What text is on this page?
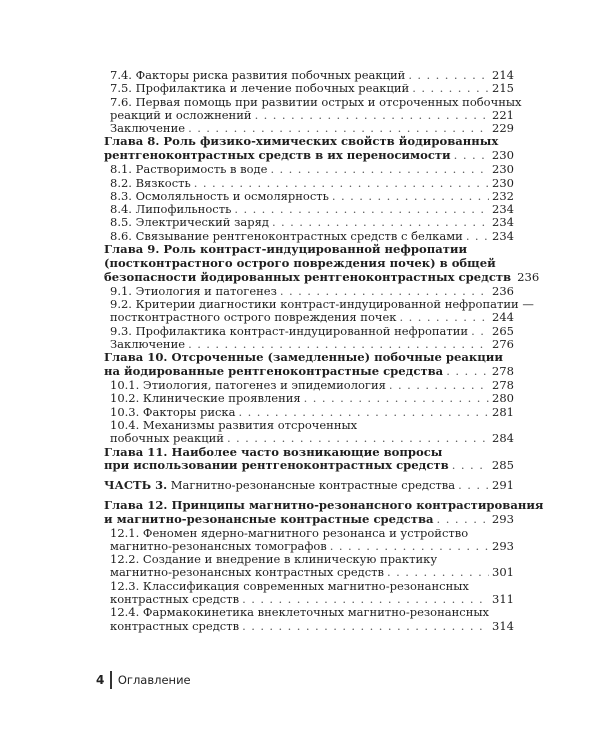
7.4. Факторы риска развития побочных реакций . . .	214
7.5. Профилактика и лечение побочных реакций . . .	215
7.6. Первая помощь при развитии острых и отсроченных побочных
реакций и осложнений . . .	221
Заключение . . .	229
Глава 8. Роль физико-химических свойств йодированных
рентгеноконтрастных средств в их переносимости . . .	230
8.1. Растворимость в воде . . .	230
8.2. Вязкость . . .	230
8.3. Осмоляльность и осмолярность . . .	232
8.4. Липофильность . . .	234
8.5. Электрический заряд . . .	234
8.6. Связывание рентгеноконтрастных средств с белками . . .	234
Глава 9. Роль контраст-индуцированной нефропатии
(постконтрастного острого повреждения почек) в общей
безопасности йодированных рентгеноконтрастных средств 236
9.1. Этиология и патогенез . . .	236
9.2. Критерии диагностики контраст-индуцированной нефропатии —
постконтрастного острого повреждения почек . . .	244
9.3. Профилактика контраст-индуцированной нефропатии . . . 265
Заключение . . .	276
Глава 10. Отсроченные (замедленные) побочные реакции
на йодированные рентгеноконтрастные средства . . .	278
10.1. Этиология, патогенез и эпидемиология . . .	278
10.2. Клинические проявления . . .	280
10.3. Факторы риска . . .	281
10.4. Механизмы развития отсроченных
побочных реакций . . .	284
Глава 11. Наиболее часто возникающие вопросы
при использовании рентгеноконтрастных средств . . .	285
ЧАСТЬ 3.
Магнитно-резонансные контрастные средства . . .	291
Глава 12. Принципы магнитно-резонансного контрастирования
и магнитно-резонансные контрастные средства . . .	293
12.1. Феномен ядерно-магнитного резонанса и устройство
магнитно-резонансных томографов . . .	293
12.2. Создание и внедрение в клиническую практику
магнитно-резонансных контрастных средств . . .	301
12.3. Классификация современных магнитно-резонансных
контрастных средств . . .	311
12.4. Фармакокинетика внеклеточных магнитно-резонансных
контрастных средств . . .	314
4 Оглавление
